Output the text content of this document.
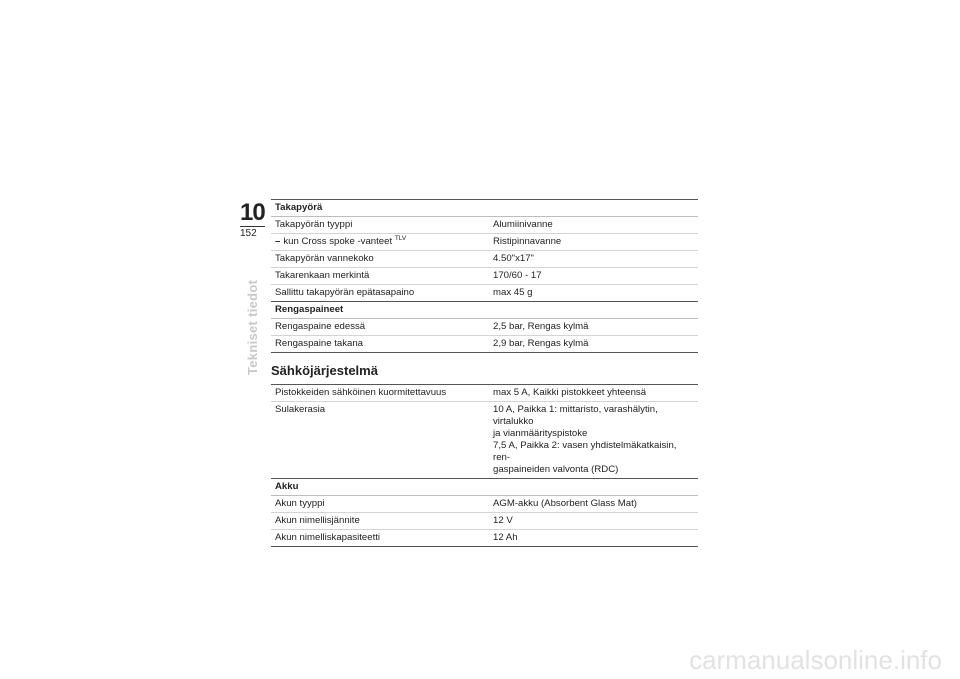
10
152
Tekniset tiedot
Takapyörä	
Takapyörän tyyppi	Alumiinivanne
– kun Cross spoke -vanteet $^{TLV}$	Ristipinnavanne
Takapyörän vannekoko	4.50"x17"
Takarenkaan merkintä	170/60 - 17
Sallittu takapyörän epätasapaino	max 45 g
Rengaspaineet	
Rengaspaine edessä	2,5 bar, Rengas kylmä
Rengaspaine takana	2,9 bar, Rengas kylmä
Sähköjärjestelmä
Pistokkeiden sähköinen kuormitettavuus	max 5 A, Kaikki pistokkeet yhteensä
Sulakerasia	10 A, Paikka 1: mittaristo, varashälytin, virtalukko
ja vianmäärityspistoke
7,5 A, Paikka 2: vasen yhdistelmäkatkaisin, ren-
gaspaineiden valvonta (RDC)
Akku	
Akun tyyppi	AGM-akku (Absorbent Glass Mat)
Akun nimellisjännite	12 V
Akun nimelliskapasiteetti	12 Ah
carmanualsonline.info
